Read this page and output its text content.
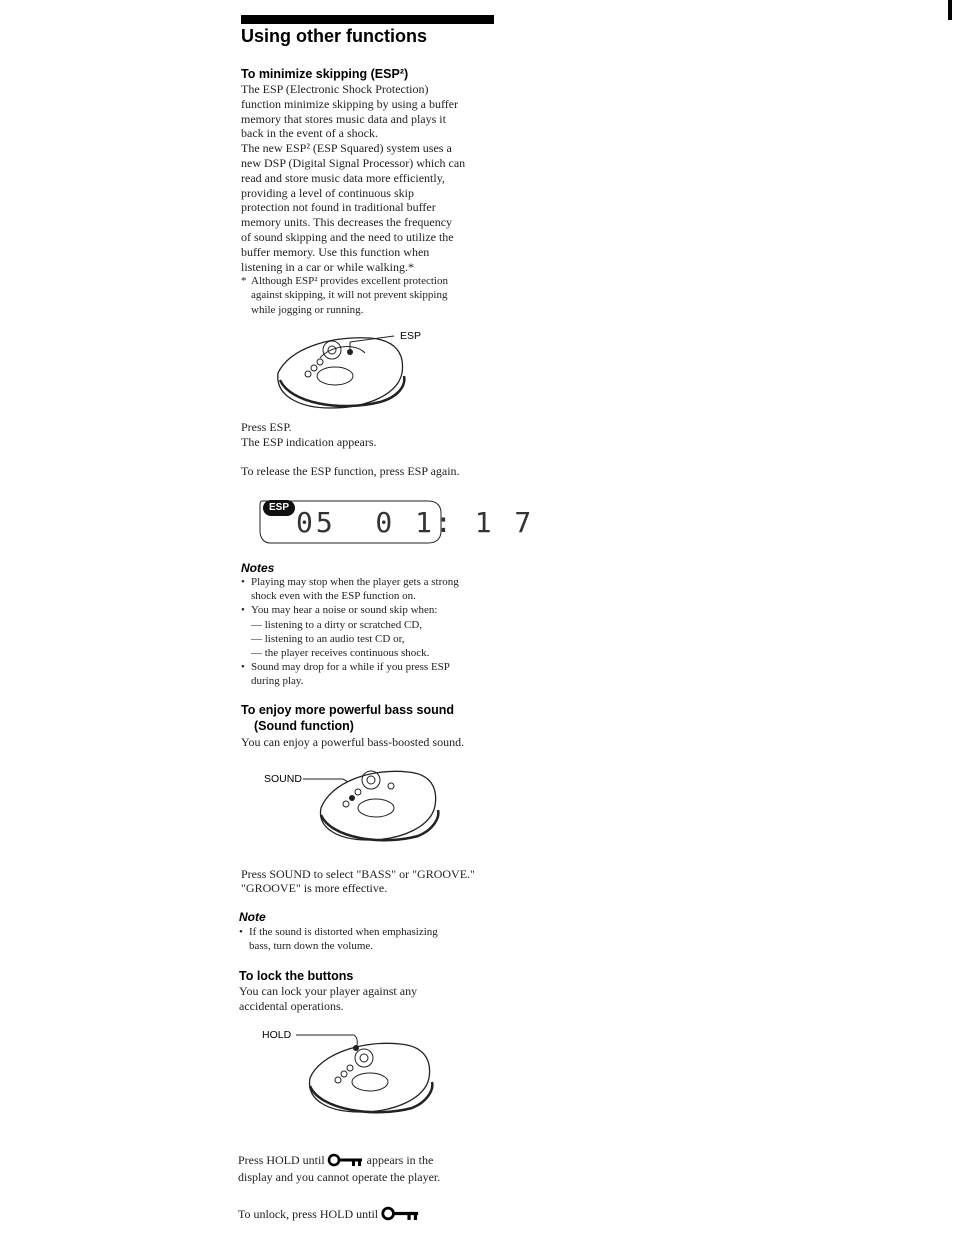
Using other functions
To minimize skipping (ESP²)
The ESP (Electronic Shock Protection)
function minimize skipping by using a buffer
memory that stores music data and plays it
back in the event of a shock.
The new ESP² (ESP Squared) system uses a
new DSP (Digital Signal Processor) which can
read and store music data more efficiently,
providing a level of continuous skip
protection not found in traditional buffer
memory units. This decreases the frequency
of sound skipping and the need to utilize the
buffer memory. Use this function when
listening in a car or while walking.*
* Although ESP² provides excellent protection
against skipping, it will not prevent skipping
while jogging or running.
ESP
Press ESP.
The ESP indication appears.
To release the ESP function, press ESP again.
ESP 05  0 1: 1 7
Notes
• Playing may stop when the player gets a strong
shock even with the ESP function on.
• You may hear a noise or sound skip when:
— listening to a dirty or scratched CD,
— listening to an audio test CD or,
— the player receives continuous shock.
• Sound may drop for a while if you press ESP
during play.
To enjoy more powerful bass sound
(Sound function)
You can enjoy a powerful bass-boosted sound.
SOUND
Press SOUND to select "BASS" or "GROOVE."
"GROOVE" is more effective.
Note
• If the sound is distorted when emphasizing
bass, turn down the volume.
To lock the buttons
You can lock your player against any
accidental operations.
HOLD
Press HOLD until	appears in the
display and you cannot operate the player.
To unlock, press HOLD until
